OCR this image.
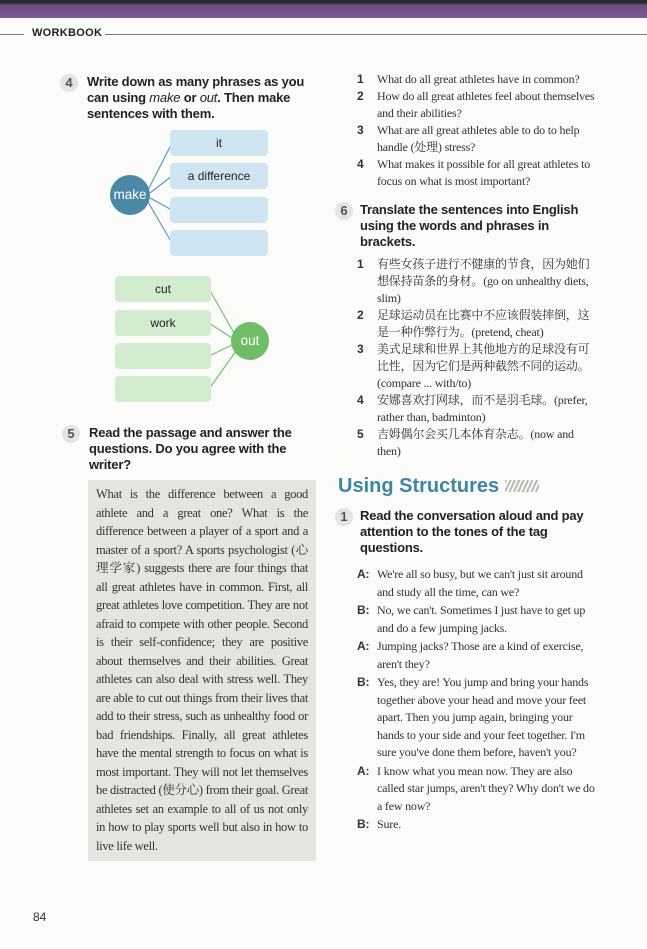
WORKBOOK
4	Write down as many phrases as you can using make or out. Then make sentences with them.
make
it
a difference
cut
work
out
5	Read the passage and answer the questions. Do you agree with the writer?
What is the difference between a good athlete and a great one? What is the difference between a player of a sport and a master of a sport? A sports psychologist (心理学家) suggests there are four things that all great athletes have in common. First, all great athletes love competition. They are not afraid to compete with other people. Second is their self-confidence; they are positive about themselves and their abilities. Great athletes can also deal with stress well. They are able to cut out things from their lives that add to their stress, such as unhealthy food or bad friendships. Finally, all great athletes have the mental strength to focus on what is most important. They will not let themselves be distracted (使分心) from their goal. Great athletes set an example to all of us not only in how to play sports well but also in how to live life well.
1 What do all great athletes have in common?
2 How do all great athletes feel about themselves and their abilities?
3 What are all great athletes able to do to help handle (处理) stress?
4 What makes it possible for all great athletes to focus on what is most important?
6 Translate the sentences into English using the words and phrases in brackets.
1 有些女孩子进行不健康的节食，因为她们想保持苗条的身材。(go on unhealthy diets, slim)
2 足球运动员在比赛中不应该假装摔倒，这是一种作弊行为。(pretend, cheat)
3 美式足球和世界上其他地方的足球没有可比性，因为它们是两种截然不同的运动。(compare ... with/to)
4 安娜喜欢打网球，而不是羽毛球。(prefer, rather than, badminton)
5 吉姆偶尔会买几本体育杂志。(now and then)
Using Structures
1 Read the conversation aloud and pay attention to the tones of the tag questions.

A: We're all so busy, but we can't just sit around and study all the time, can we?

B: No, we can't. Sometimes I just have to get up and do a few jumping jacks.

A: Jumping jacks? Those are a kind of exercise, aren't they?

B: Yes, they are! You jump and bring your hands together above your head and move your feet apart. Then you jump again, bringing your hands to your side and your feet together. I'm sure you've done them before, haven't you?

A: I know what you mean now. They are also called star jumps, aren't they? Why don't we do a few now?

B: Sure.

84
